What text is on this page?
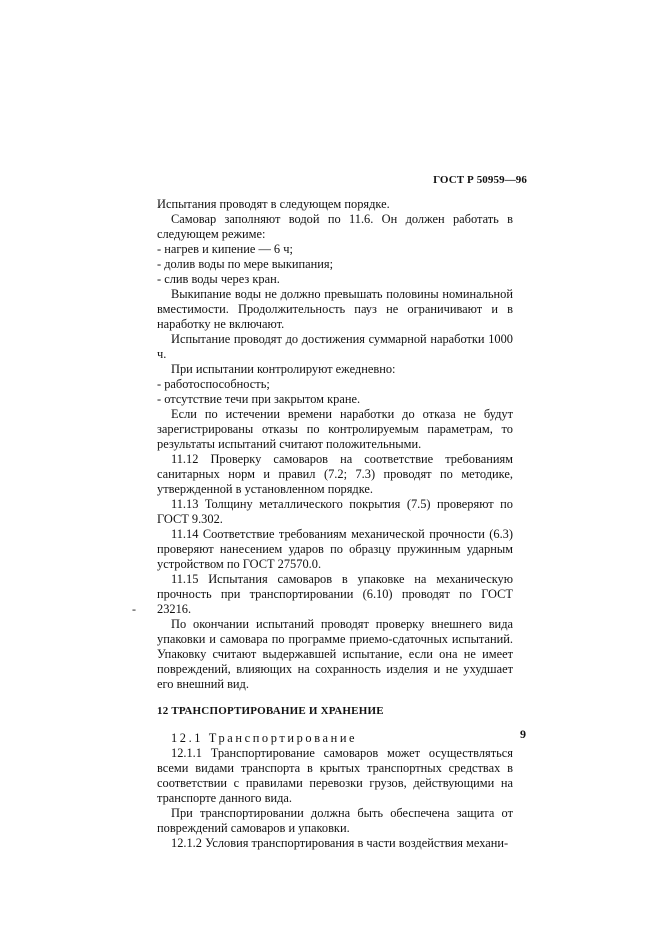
ГОСТ Р 50959—96

Испытания проводят в следующем порядке.

Самовар заполняют водой по 11.6. Он должен работать в следующем режиме:

- нагрев и кипение — 6 ч;

- долив воды по мере выкипания;

- слив воды через кран.

Выкипание воды не должно превышать половины номинальной вместимости. Продолжительность пауз не ограничивают и в наработку не включают.

Испытание проводят до достижения суммарной наработки 1000 ч.

При испытании контролируют ежедневно:

- работоспособность;

- отсутствие течи при закрытом кране.

Если по истечении времени наработки до отказа не будут зарегистрированы отказы по контролируемым параметрам, то результаты испытаний считают положительными.

11.12 Проверку самоваров на соответствие требованиям санитарных норм и правил (7.2; 7.3) проводят по методике, утвержденной в установленном порядке.

11.13 Толщину металлического покрытия (7.5) проверяют по ГОСТ 9.302.

11.14 Соответствие требованиям механической прочности (6.3) проверяют нанесением ударов по образцу пружинным ударным устройством по ГОСТ 27570.0.

11.15 Испытания самоваров в упаковке на механическую прочность при транспортировании (6.10) проводят по ГОСТ 23216.

По окончании испытаний проводят проверку внешнего вида упаковки и самовара по программе приемо-сдаточных испытаний. Упаковку считают выдержавшей испытание, если она не имеет повреждений, влияющих на сохранность изделия и не ухудшает его внешний вид.

12 ТРАНСПОРТИРОВАНИЕ И ХРАНЕНИЕ

12.1 Транспортирование

12.1.1 Транспортирование самоваров может осуществляться всеми видами транспорта в крытых транспортных средствах в соответствии с правилами перевозки грузов, действующими на транспорте данного вида.

При транспортировании должна быть обеспечена защита от повреждений самоваров и упаковки.

12.1.2 Условия транспортирования в части воздействия механи-

-
9
